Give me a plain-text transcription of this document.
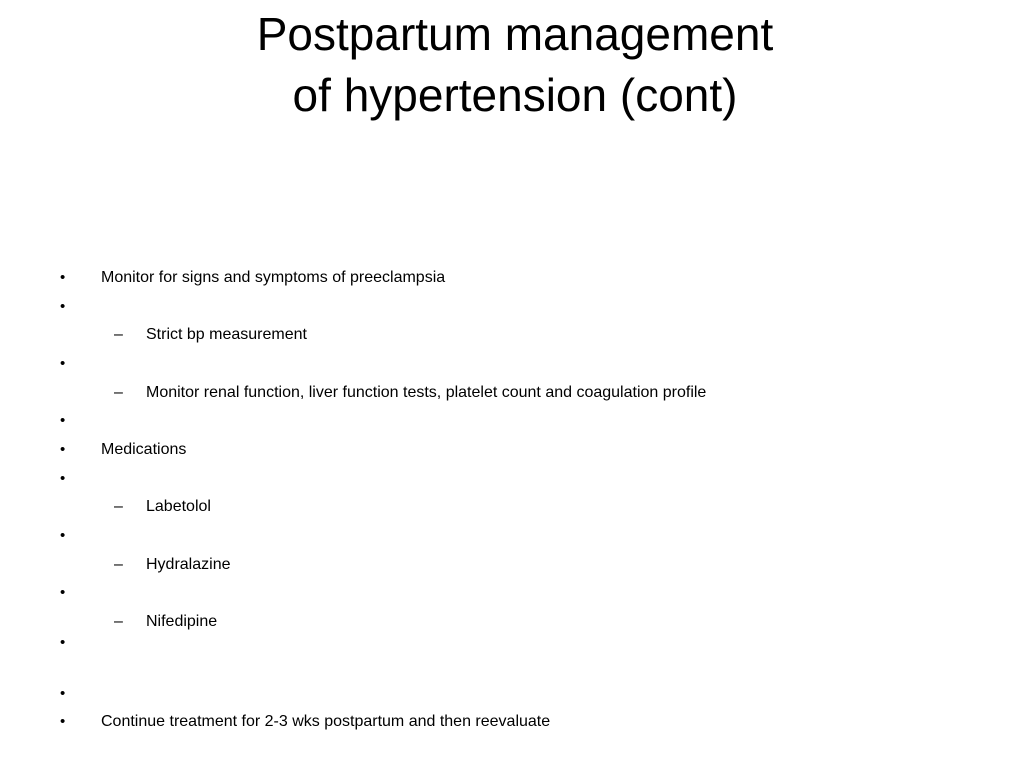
Postpartum management
of hypertension (cont)
• Monitor for signs and symptoms of preeclampsia
•
– Strict bp measurement
•
– Monitor renal function, liver function tests, platelet count and coagulation profile
•
• Medications
•
– Labetolol
•
– Hydralazine
•
– Nifedipine
•
•
• Continue treatment for 2-3 wks postpartum and then reevaluate
